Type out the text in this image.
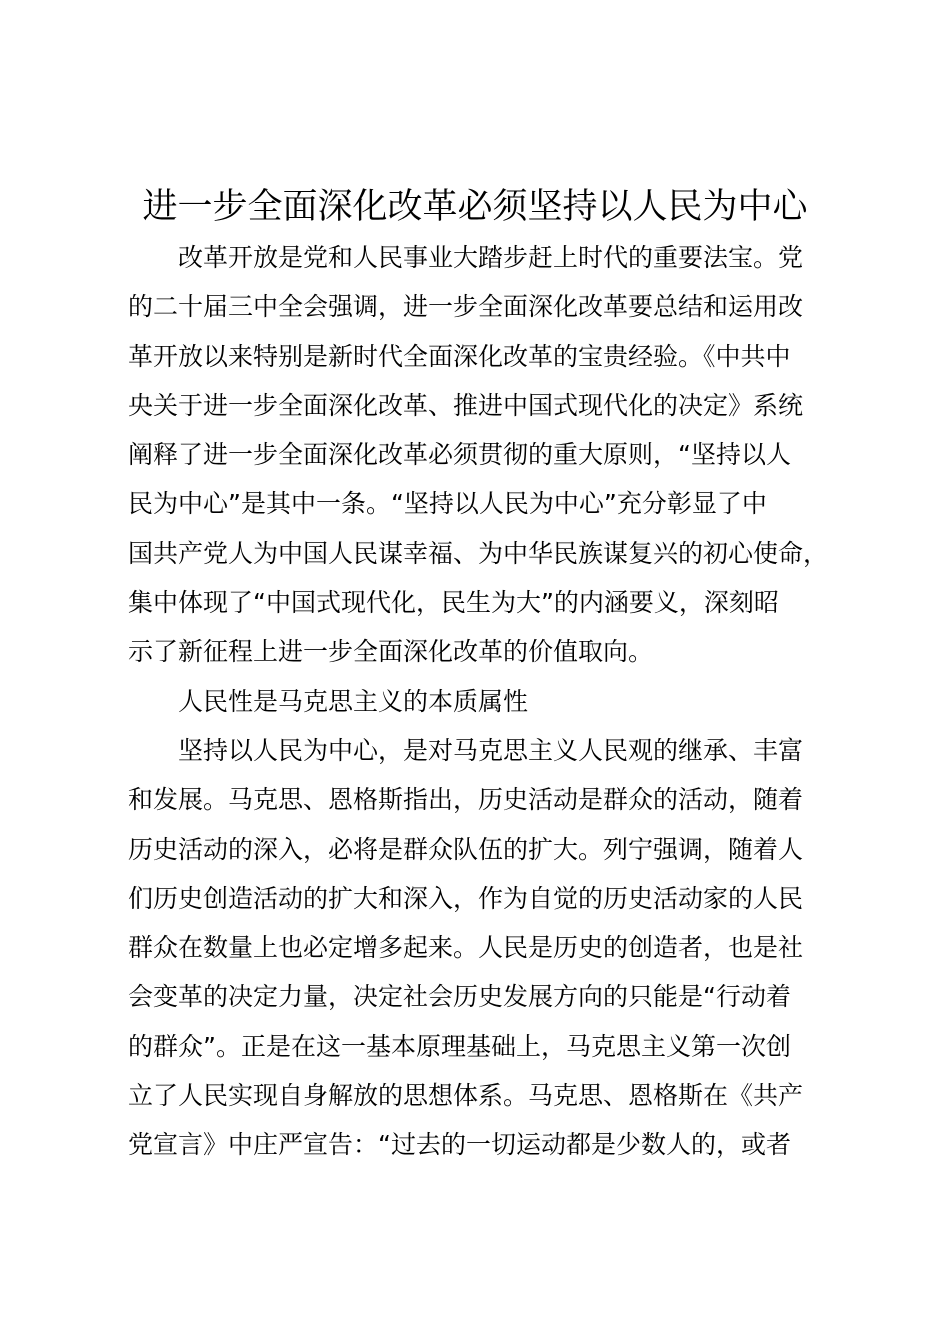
进一步全面深化改革必须坚持以人民为中心

改革开放是党和人民事业大踏步赶上时代的重要法宝。党

的二十届三中全会强调，进一步全面深化改革要总结和运用改

革开放以来特别是新时代全面深化改革的宝贵经验。《中共中

央关于进一步全面深化改革、推进中国式现代化的决定》系统

阐释了进一步全面深化改革必须贯彻的重大原则，“坚持以人

民为中心”是其中一条。“坚持以人民为中心”充分彰显了中

国共产党人为中国人民谋幸福、为中华民族谋复兴的初心使命，

集中体现了“中国式现代化，民生为大”的内涵要义，深刻昭

示了新征程上进一步全面深化改革的价值取向。

人民性是马克思主义的本质属性

坚持以人民为中心，是对马克思主义人民观的继承、丰富

和发展。马克思、恩格斯指出，历史活动是群众的活动，随着

历史活动的深入，必将是群众队伍的扩大。列宁强调，随着人

们历史创造活动的扩大和深入，作为自觉的历史活动家的人民

群众在数量上也必定增多起来。人民是历史的创造者，也是社

会变革的决定力量，决定社会历史发展方向的只能是“行动着

的群众”。正是在这一基本原理基础上，马克思主义第一次创

立了人民实现自身解放的思想体系。马克思、恩格斯在《共产

党宣言》中庄严宣告：“过去的一切运动都是少数人的，或者
